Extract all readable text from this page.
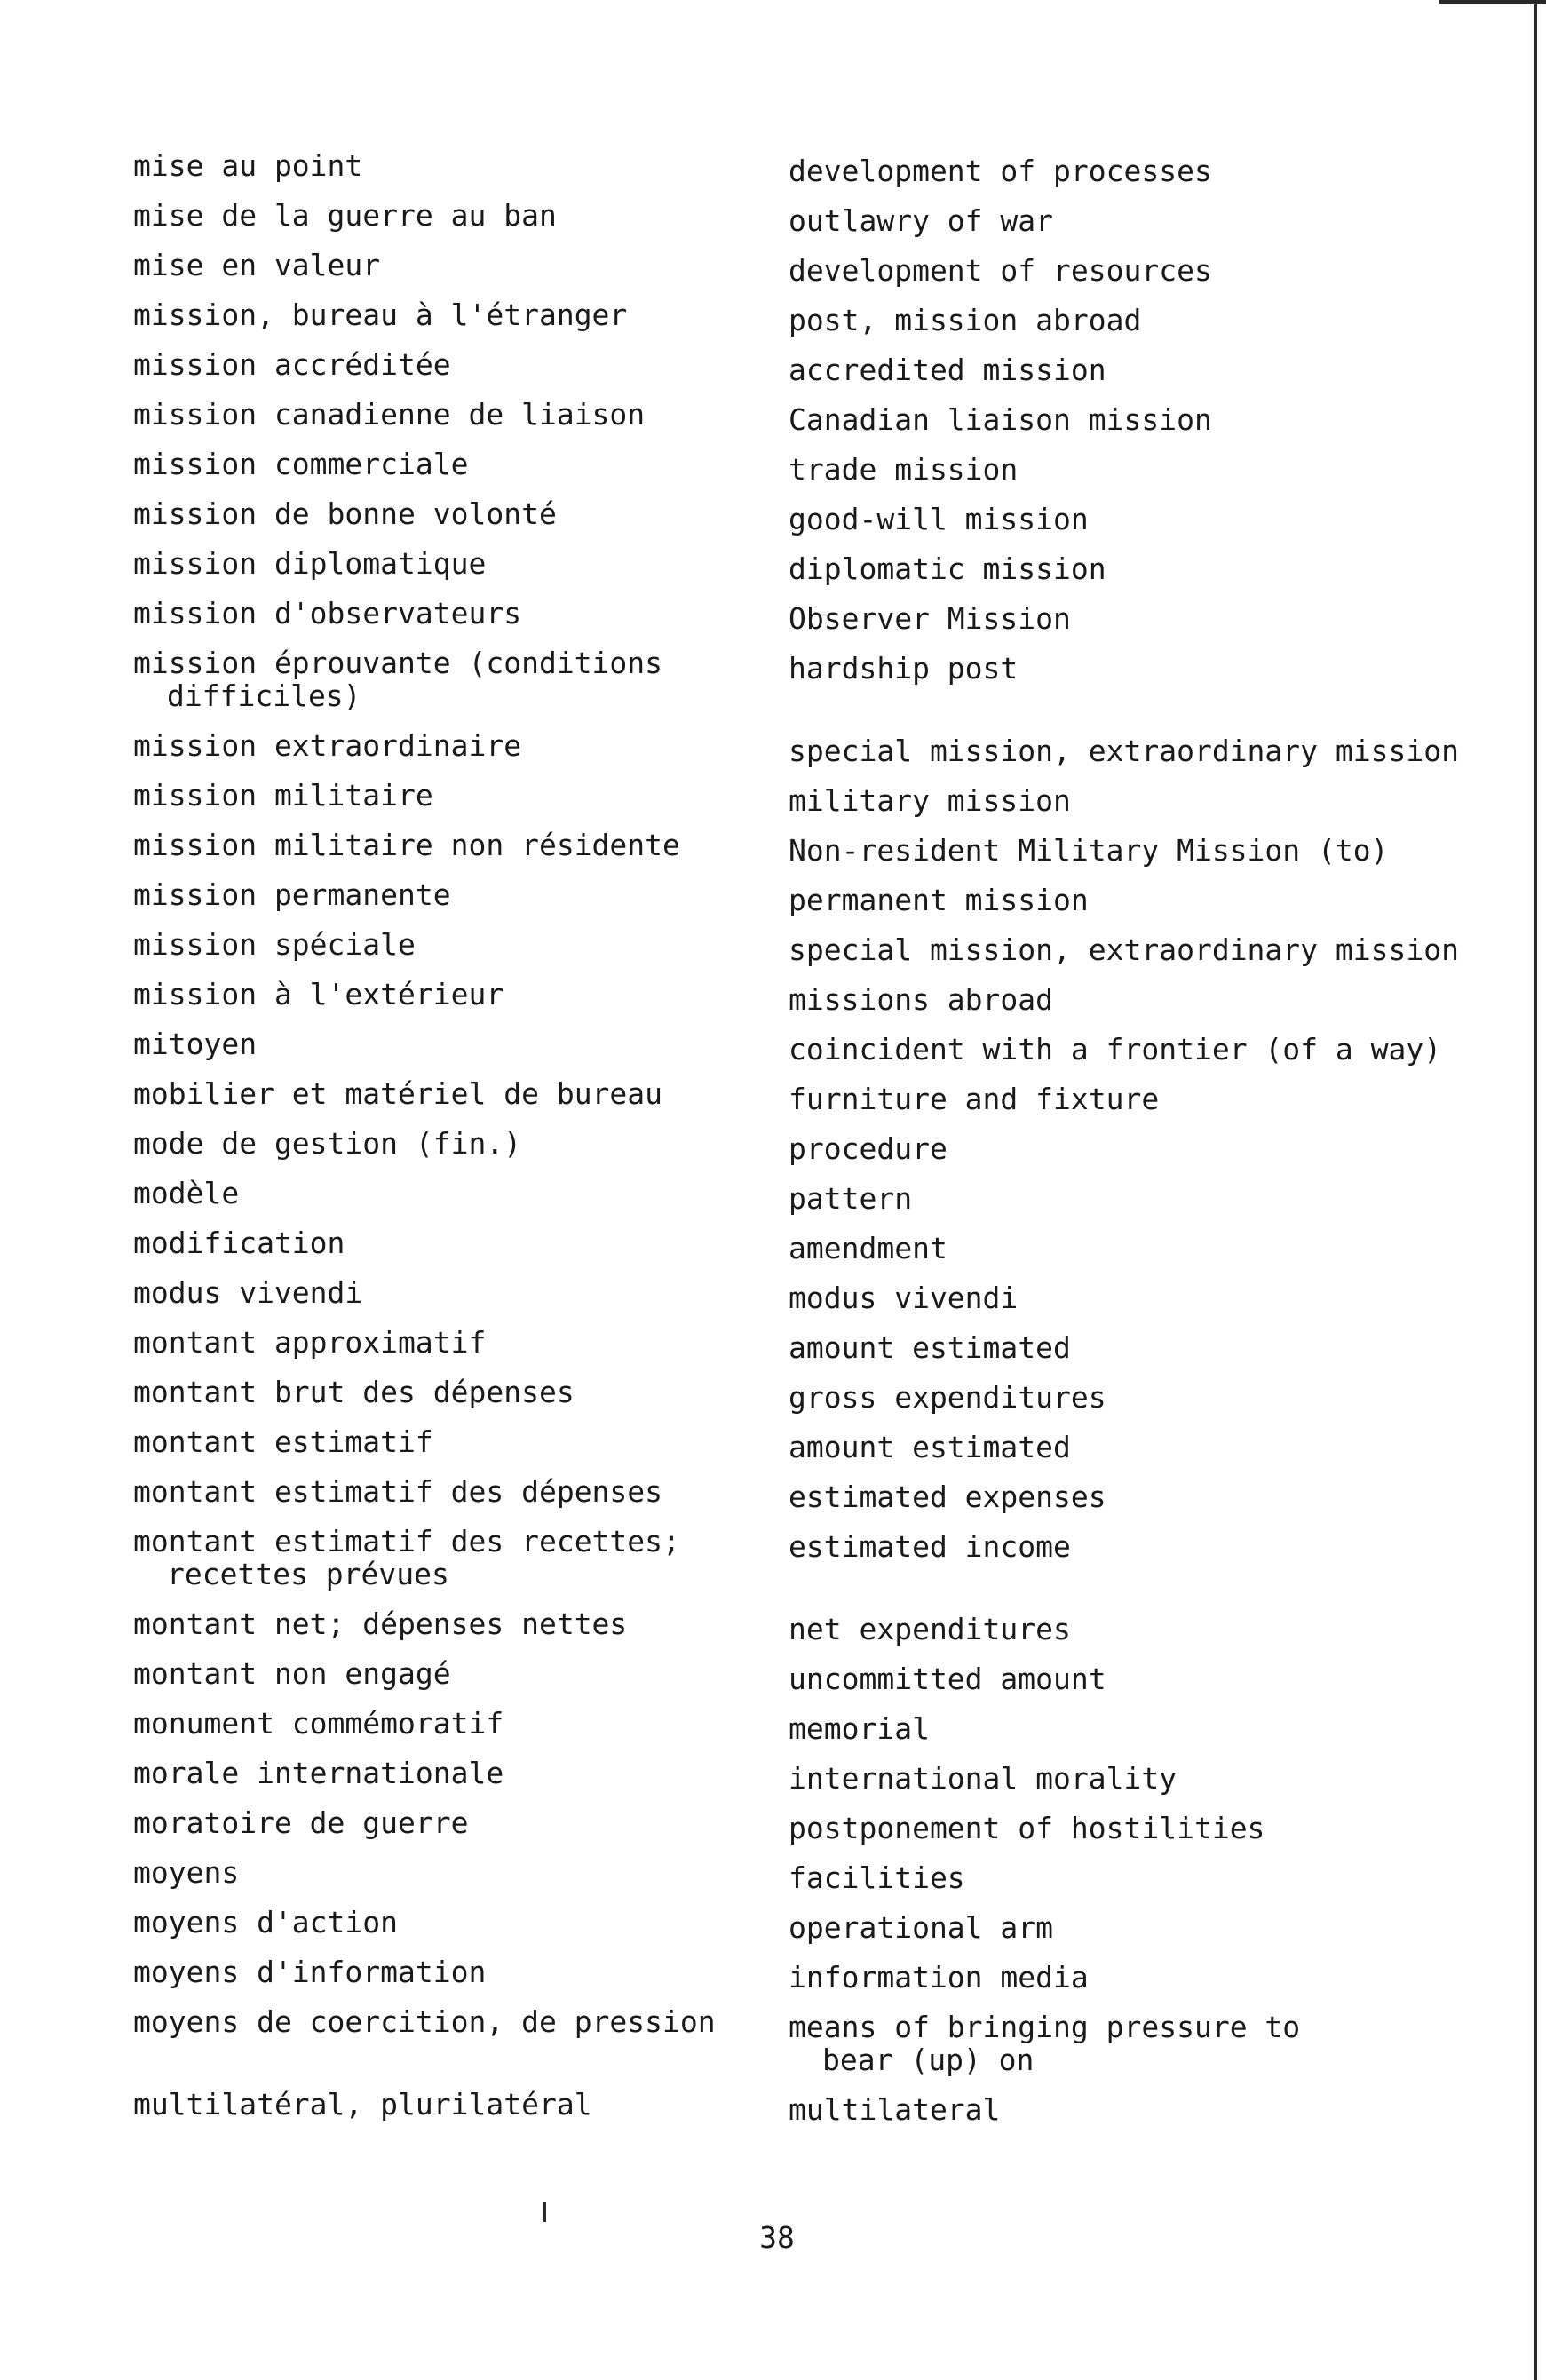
mise au point
mise de la guerre au ban
mise en valeur
mission, bureau à l'étranger
mission accréditée
mission canadienne de liaison
mission commerciale
mission de bonne volonté
mission diplomatique
mission d'observateurs
mission éprouvante (conditions
difficiles)
mission extraordinaire
mission militaire
mission militaire non résidente
mission permanente
mission spéciale
mission à l'extérieur
mitoyen
mobilier et matériel de bureau
mode de gestion (fin.)
modèle
modification
modus vivendi
montant approximatif
montant brut des dépenses
montant estimatif
montant estimatif des dépenses
montant estimatif des recettes;
recettes prévues
montant net; dépenses nettes
montant non engagé
monument commémoratif
morale internationale
moratoire de guerre
moyens
moyens d'action
moyens d'information
moyens de coercition, de pression
multilatéral, plurilatéral
development of processes
outlawry of war
development of resources
post, mission abroad
accredited mission
Canadian liaison mission
trade mission
good-will mission
diplomatic mission
Observer Mission
hardship post
special mission, extraordinary mission
military mission
Non-resident Military Mission (to)
permanent mission
special mission, extraordinary mission
missions abroad
coincident with a frontier (of a way)
furniture and fixture
procedure
pattern
amendment
modus vivendi
amount estimated
gross expenditures
amount estimated
estimated expenses
estimated income
net expenditures
uncommitted amount
memorial
international morality
postponement of hostilities
facilities
operational arm
information media
means of bringing pressure to
bear (up) on
multilateral
38
